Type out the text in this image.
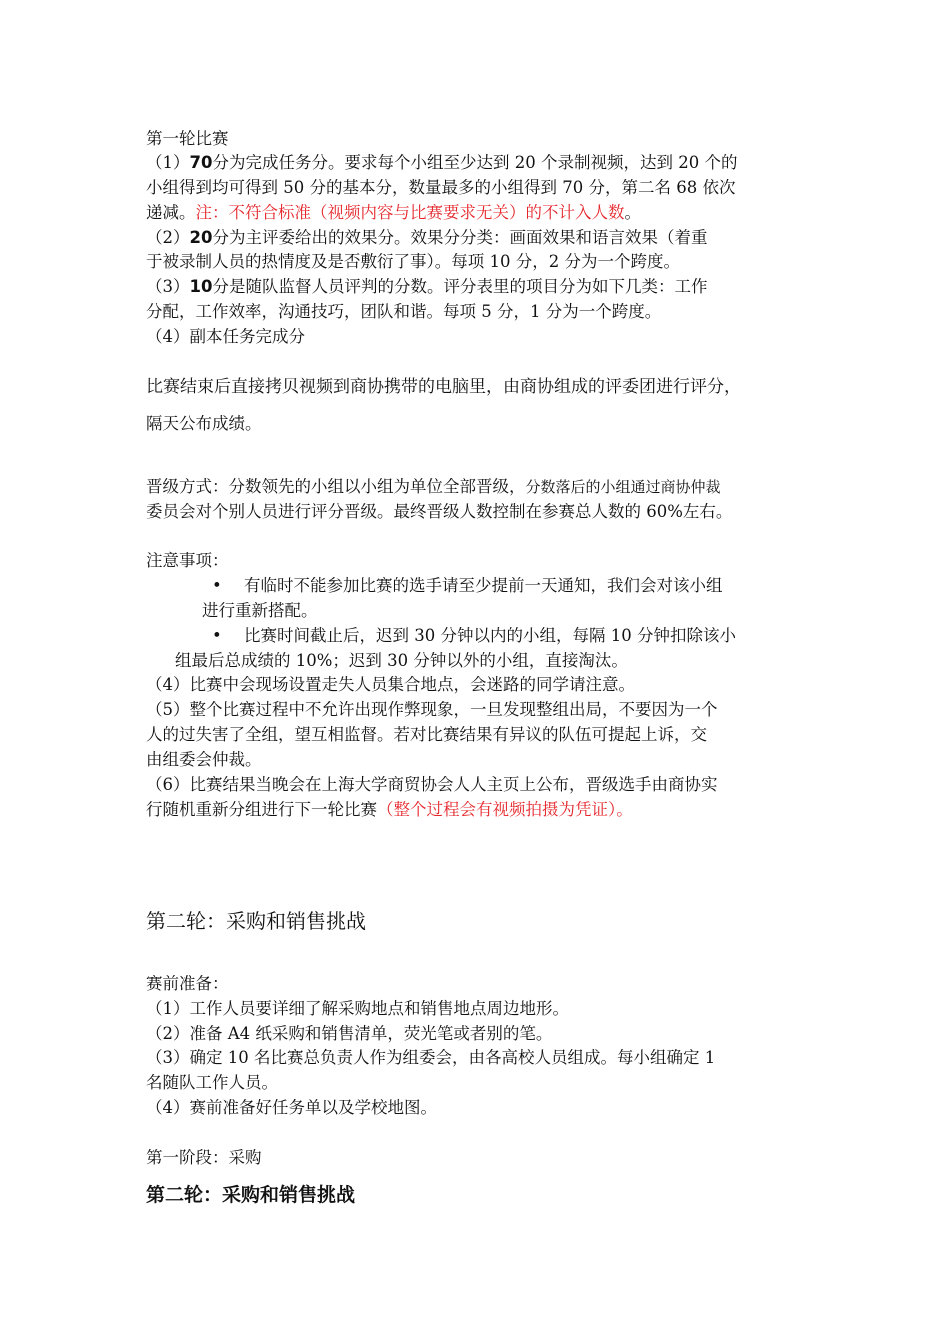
第一轮比赛
（1）70分为完成任务分。要求每个小组至少达到 20 个录制视频，达到 20 个的
小组得到均可得到 50 分的基本分，数量最多的小组得到 70 分，第二名 68 依次
递减。注：不符合标准（视频内容与比赛要求无关）的不计入人数。
（2）20分为主评委给出的效果分。效果分分类：画面效果和语言效果（着重
于被录制人员的热情度及是否敷衍了事）。每项 10 分，2 分为一个跨度。
（3）10分是随队监督人员评判的分数。评分表里的项目分为如下几类：工作
分配，工作效率，沟通技巧，团队和谐。每项 5 分，1 分为一个跨度。
（4）副本任务完成分
比赛结束后直接拷贝视频到商协携带的电脑里，由商协组成的评委团进行评分，
隔天公布成绩。
晋级方式：分数领先的小组以小组为单位全部晋级，分数落后的小组通过商协仲裁
委员会对个别人员进行评分晋级。最终晋级人数控制在参赛总人数的 60%左右。
注意事项：
• 有临时不能参加比赛的选手请至少提前一天通知，我们会对该小组
进行重新搭配。
• 比赛时间截止后，迟到 30 分钟以内的小组，每隔 10 分钟扣除该小
组最后总成绩的 10%；迟到 30 分钟以外的小组，直接淘汰。
（4）比赛中会现场设置走失人员集合地点，会迷路的同学请注意。
（5）整个比赛过程中不允许出现作弊现象，一旦发现整组出局，不要因为一个
人的过失害了全组，望互相监督。若对比赛结果有异议的队伍可提起上诉，交
由组委会仲裁。
（6）比赛结果当晚会在上海大学商贸协会人人主页上公布，晋级选手由商协实
行随机重新分组进行下一轮比赛（整个过程会有视频拍摄为凭证）。
第二轮：采购和销售挑战
赛前准备：
（1）工作人员要详细了解采购地点和销售地点周边地形。
（2）准备 A4 纸采购和销售清单，荧光笔或者别的笔。
（3）确定 10 名比赛总负责人作为组委会，由各高校人员组成。每小组确定 1
名随队工作人员。
（4）赛前准备好任务单以及学校地图。
第一阶段：采购
第二轮：采购和销售挑战
